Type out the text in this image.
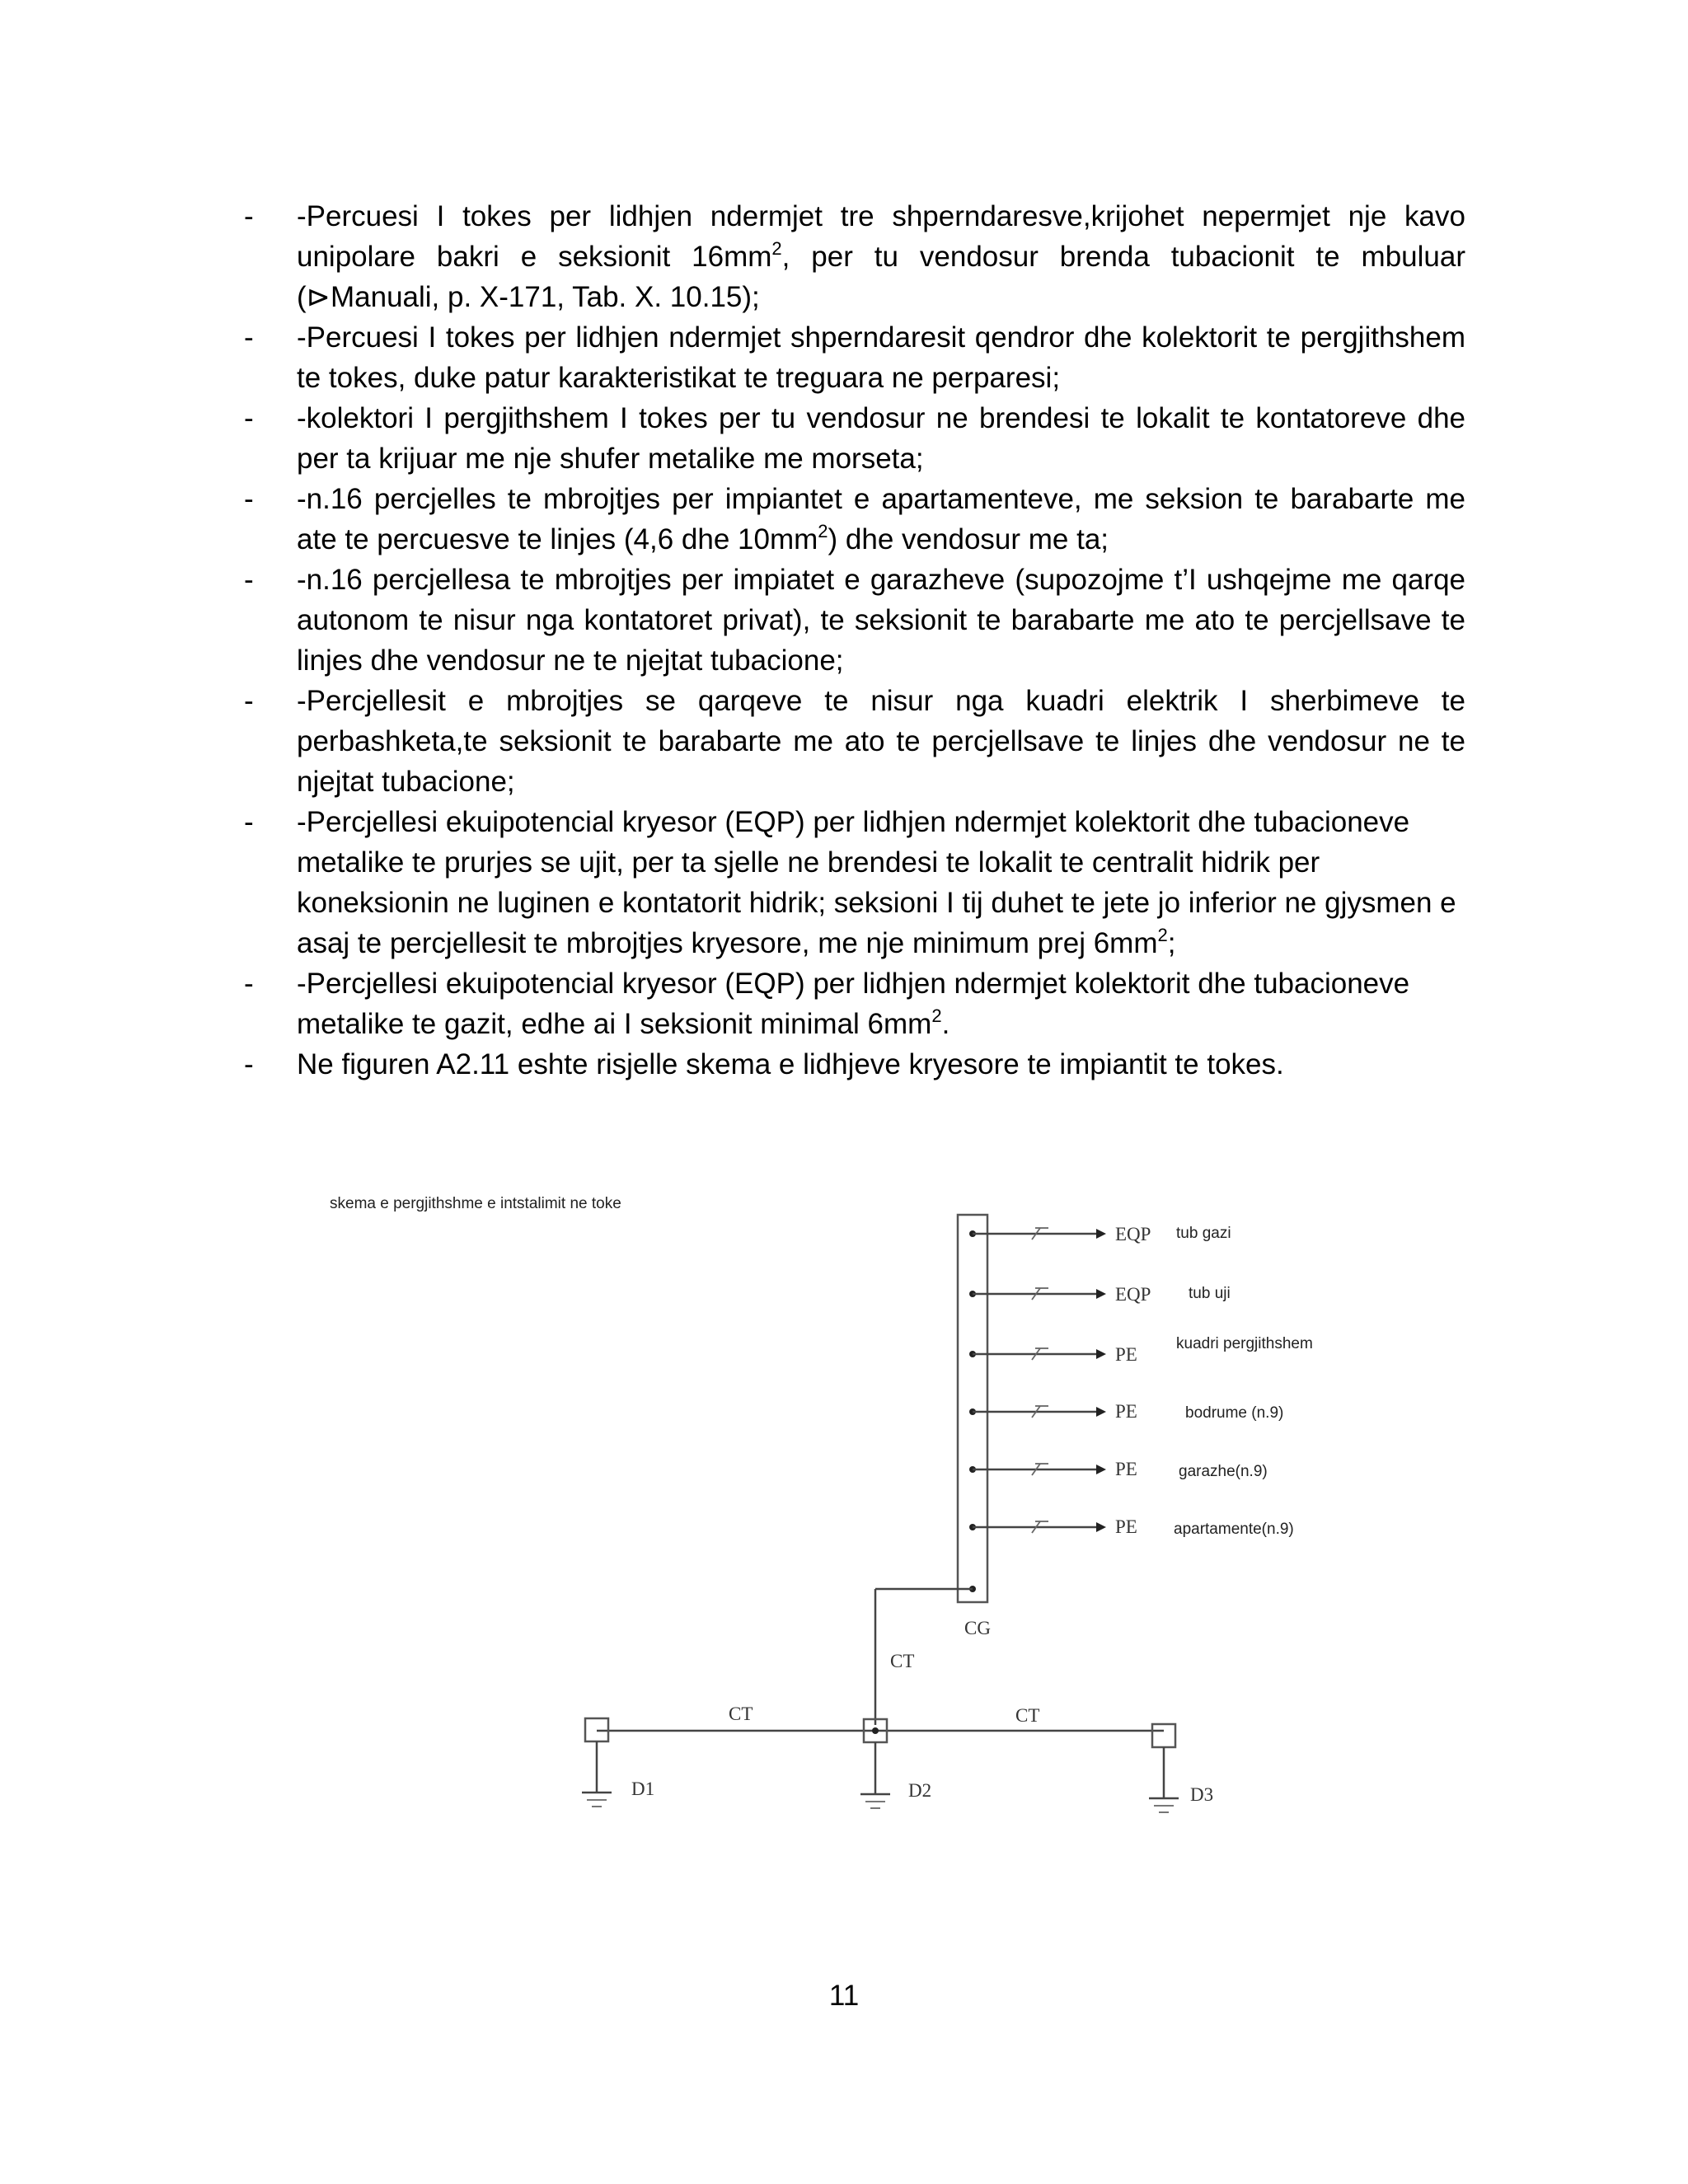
- -Percuesi I tokes per lidhjen ndermjet tre shperndaresve,krijohet nepermjet nje kavo unipolare bakri e seksionit $16mm^2$, per tu vendosur brenda tubacionit te mbuluar (⊳Manuali, p. X-171, Tab. X. 10.15);
- -Percuesi I tokes per lidhjen ndermjet shperndaresit qendror dhe kolektorit te pergjithshem te tokes, duke patur karakteristikat te treguara ne perparesi;
- -kolektori I pergjithshem I tokes per tu vendosur ne brendesi te lokalit te kontatoreve dhe per ta krijuar me nje shufer metalike me morseta;
- -n.16 percjelles te mbrojtjes per impiantet e apartamenteve, me seksion te barabarte me ate te percuesve te linjes (4,6 dhe $10mm^2$) dhe vendosur me ta;
- -n.16 percjellesa te mbrojtjes per impiatet e garazheve (supozojme t’I ushqejme me qarqe autonom te nisur nga kontatoret privat), te seksionit te barabarte me ato te percjellsave te linjes dhe vendosur ne te njejtat tubacione;
- -Percjellesit e mbrojtjes se qarqeve te nisur nga kuadri elektrik I sherbimeve te perbashketa,te seksionit te barabarte me ato te percjellsave te linjes dhe vendosur ne te njejtat tubacione;
- -Percjellesi ekuipotencial kryesor (EQP) per lidhjen ndermjet kolektorit dhe tubacioneve metalike te prurjes se ujit, per ta sjelle ne brendesi te lokalit te centralit hidrik per koneksionin ne luginen e kontatorit hidrik; seksioni I tij duhet te jete jo inferior ne gjysmen e asaj te percjellesit te mbrojtjes kryesore, me nje minimum prej $6mm^2$;
- -Percjellesi ekuipotencial kryesor (EQP) per lidhjen ndermjet kolektorit dhe tubacioneve metalike te gazit, edhe ai I seksionit minimal $6mm^2$.
- Ne figuren A2.11 eshte risjelle skema e lidhjeve kryesore te impiantit te tokes.
skema e pergjithshme e intstalimit ne toke
CG
EQP tub gazi
EQP tub uji
PE
kuadri pergjithshem
PE	bodrume (n.9)
PE	garazhe(n.9)
PE apartamente(n.9)
CT
CT	CT
D1	D2	D3
11
